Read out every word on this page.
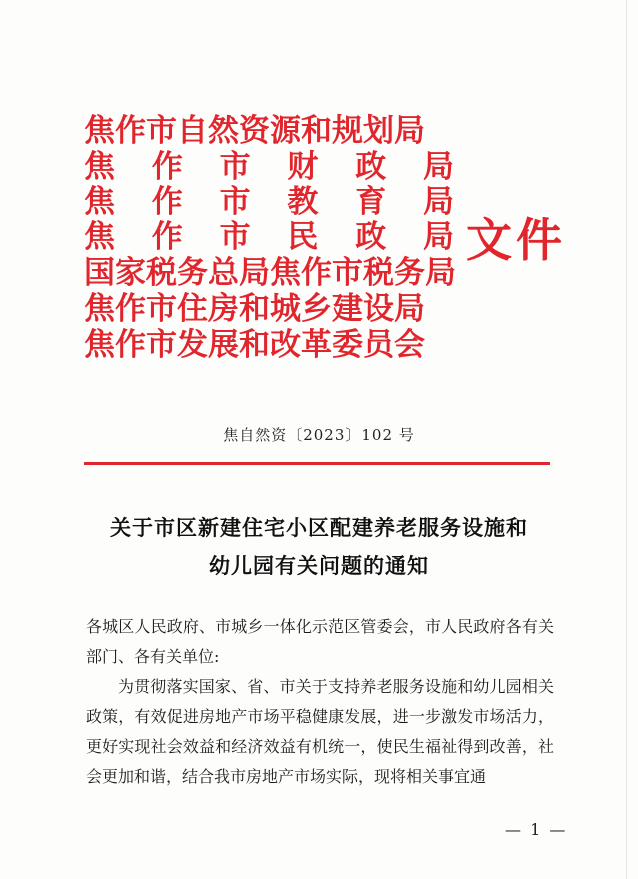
焦作市自然资源和规划局
焦 作 市 财 政 局
焦 作 市 教 育 局
焦 作 市 民 政 局
国家税务总局焦作市税务局
焦作市住房和城乡建设局
焦作市发展和改革委员会
文件
焦自然资〔2023〕102 号
关于市区新建住宅小区配建养老服务设施和
幼儿园有关问题的通知

各城区人民政府、市城乡一体化示范区管委会，市人民政府各有关部门、各有关单位:

为贯彻落实国家、省、市关于支持养老服务设施和幼儿园相关政策，有效促进房地产市场平稳健康发展，进一步激发市场活力，更好实现社会效益和经济效益有机统一，使民生福祉得到改善，社会更加和谐，结合我市房地产市场实际，现将相关事宜通

— 1 —
